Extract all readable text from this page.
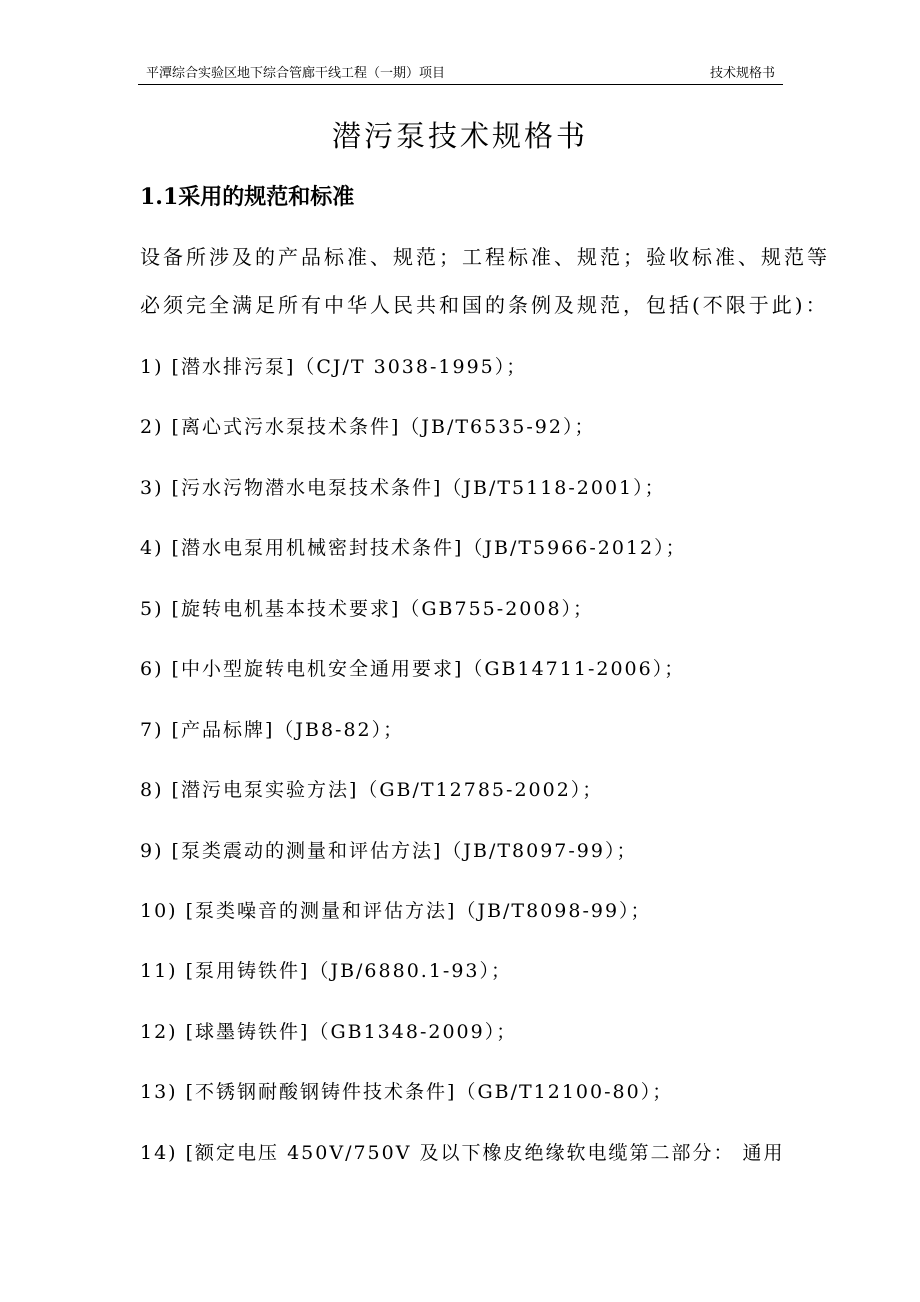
平潭综合实验区地下综合管廊干线工程（一期）项目	技术规格书
潜污泵技术规格书
1.1采用的规范和标准
设备所涉及的产品标准、规范；工程标准、规范；验收标准、规范等
必须完全满足所有中华人民共和国的条例及规范，包括(不限于此)：
1) [潜水排污泵]（CJ/T 3038-1995）；
2) [离心式污水泵技术条件]（JB/T6535-92）；
3) [污水污物潜水电泵技术条件]（JB/T5118-2001）；
4) [潜水电泵用机械密封技术条件]（JB/T5966-2012）；
5) [旋转电机基本技术要求]（GB755-2008）；
6) [中小型旋转电机安全通用要求]（GB14711-2006）；
7) [产品标牌]（JB8-82）；
8) [潜污电泵实验方法]（GB/T12785-2002）；
9) [泵类震动的测量和评估方法]（JB/T8097-99）；
10) [泵类噪音的测量和评估方法]（JB/T8098-99）；
11) [泵用铸铁件]（JB/6880.1-93）；
12) [球墨铸铁件]（GB1348-2009）；
13) [不锈钢耐酸钢铸件技术条件]（GB/T12100-80）；
14) [额定电压 450V/750V 及以下橡皮绝缘软电缆第二部分： 通用
